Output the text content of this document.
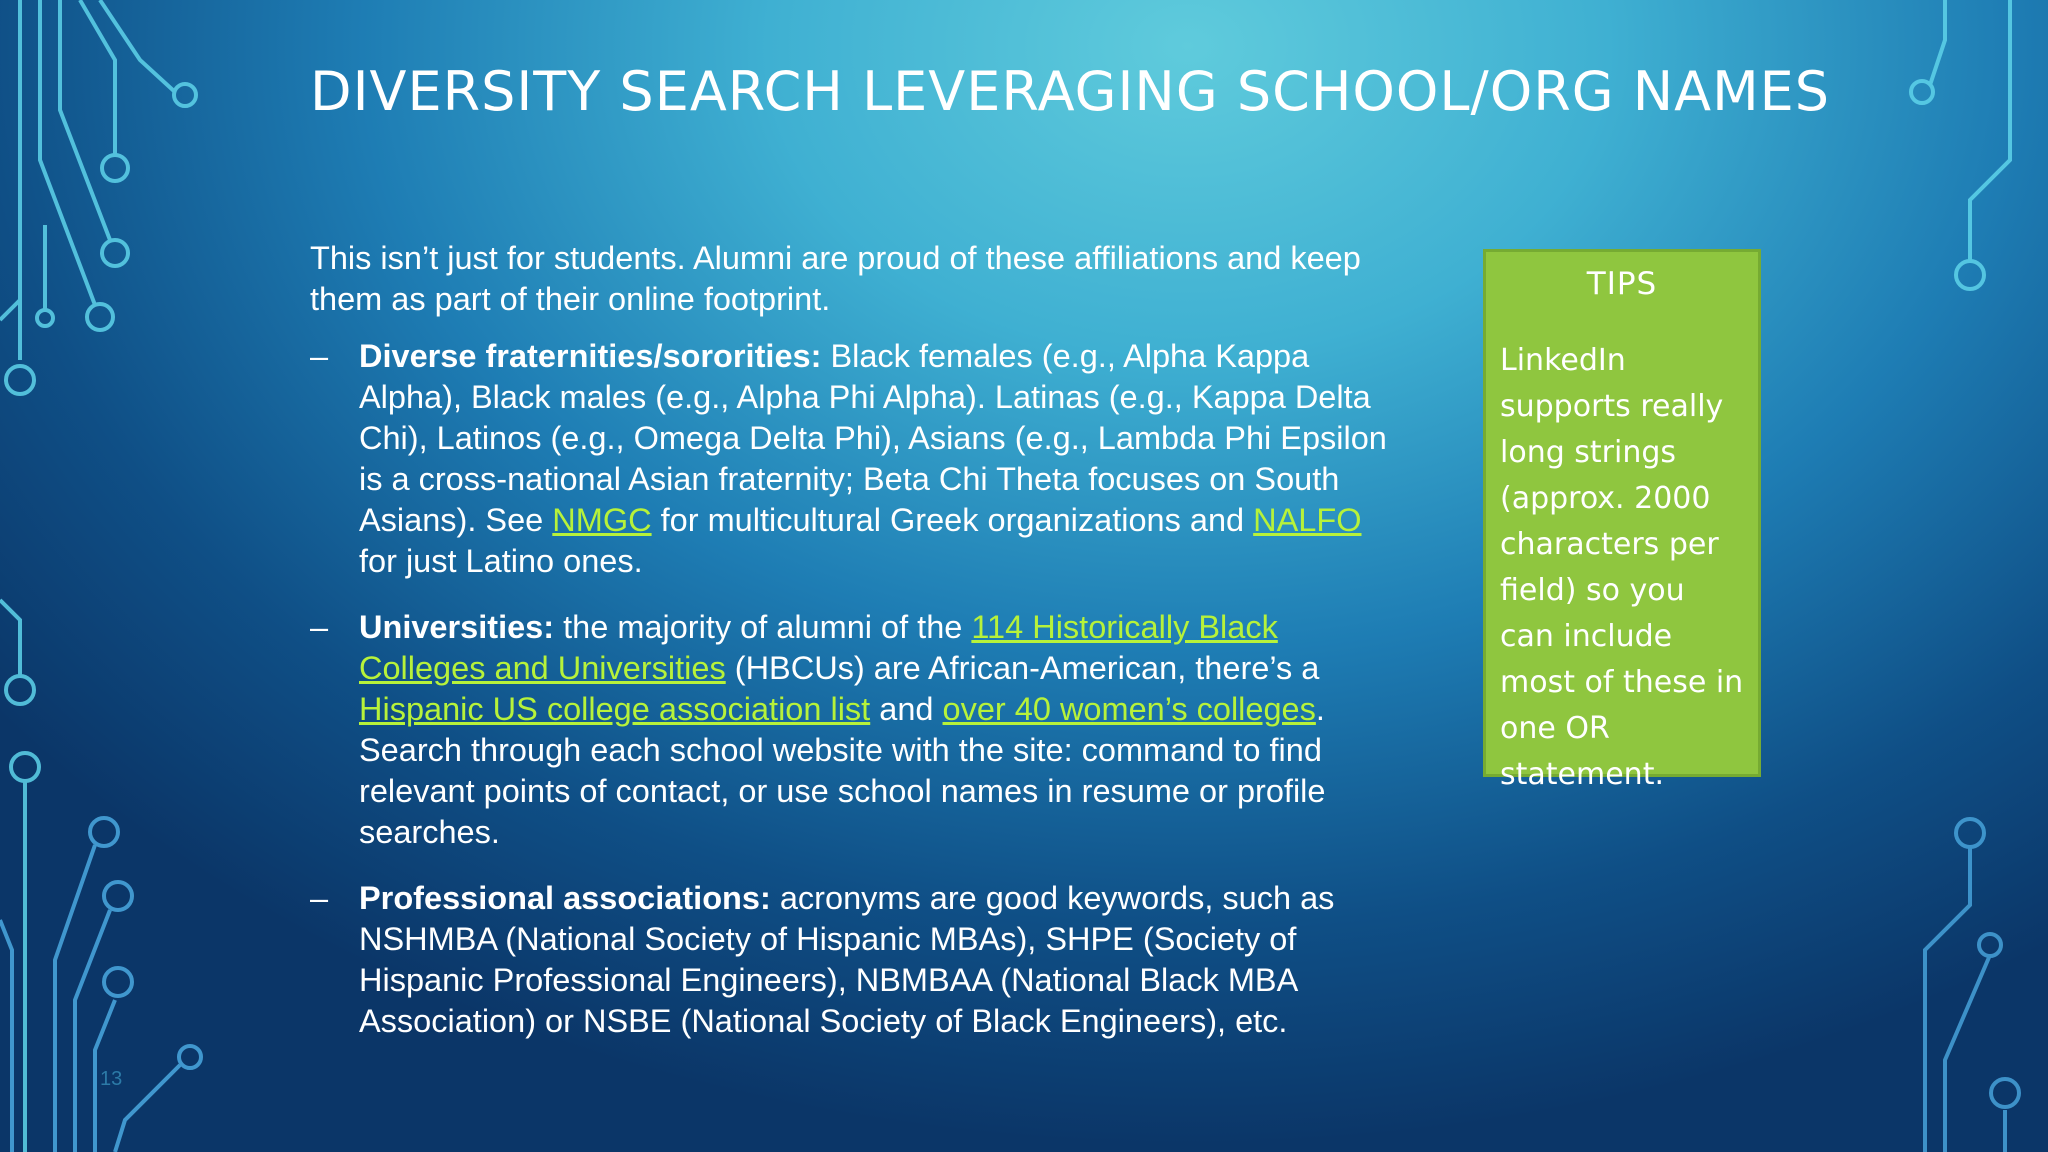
DIVERSITY SEARCH LEVERAGING SCHOOL/ORG NAMES

This isn’t just for students. Alumni are proud of these affiliations and keep them as part of their online footprint.

– Diverse fraternities/sororities: Black females (e.g., Alpha Kappa Alpha), Black males (e.g., Alpha Phi Alpha). Latinas (e.g., Kappa Delta Chi), Latinos (e.g., Omega Delta Phi), Asians (e.g., Lambda Phi Epsilon is a cross-national Asian fraternity; Beta Chi Theta focuses on South Asians). See NMGC for multicultural Greek organizations and NALFO for just Latino ones.

– Universities: the majority of alumni of the 114 Historically Black Colleges and Universities (HBCUs) are African-American, there’s a Hispanic US college association list and over 40 women’s colleges. Search through each school website with the site: command to find relevant points of contact, or use school names in resume or profile searches.

– Professional associations: acronyms are good keywords, such as NSHMBA (National Society of Hispanic MBAs), SHPE (Society of Hispanic Professional Engineers), NBMBAA (National Black MBA Association) or NSBE (National Society of Black Engineers), etc.

TIPS
LinkedIn supports really long strings (approx. 2000 characters per field) so you can include most of these in one OR statement.
13
